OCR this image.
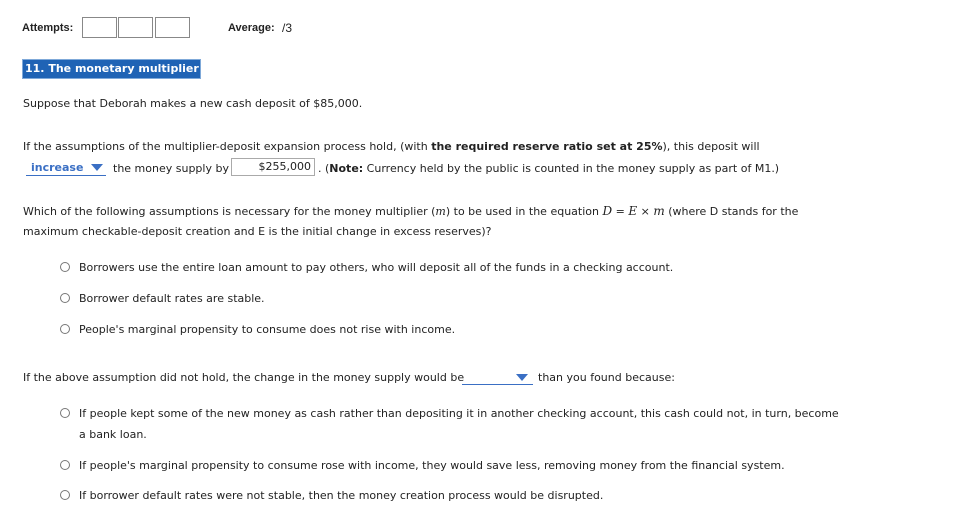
Attempts:	Average: /3
11. The monetary multiplier
Suppose that Deborah makes a new cash deposit of $85,000.
If the assumptions of the multiplier-deposit expansion process hold, (with the required reserve ratio set at 25%), this deposit will
increase	the money supply by	$255,000 . (Note: Currency held by the public is counted in the money supply as part of M1.)
Which of the following assumptions is necessary for the money multiplier (m) to be used in the equation D = E × m (where D stands for the
maximum checkable-deposit creation and E is the initial change in excess reserves)?
Borrowers use the entire loan amount to pay others, who will deposit all of the funds in a checking account.
Borrower default rates are stable.
People's marginal propensity to consume does not rise with income.
If the above assumption did not hold, the change in the money supply would be	than you found because:
If people kept some of the new money as cash rather than depositing it in another checking account, this cash could not, in turn, become
a bank loan.
If people's marginal propensity to consume rose with income, they would save less, removing money from the financial system.
If borrower default rates were not stable, then the money creation process would be disrupted.
